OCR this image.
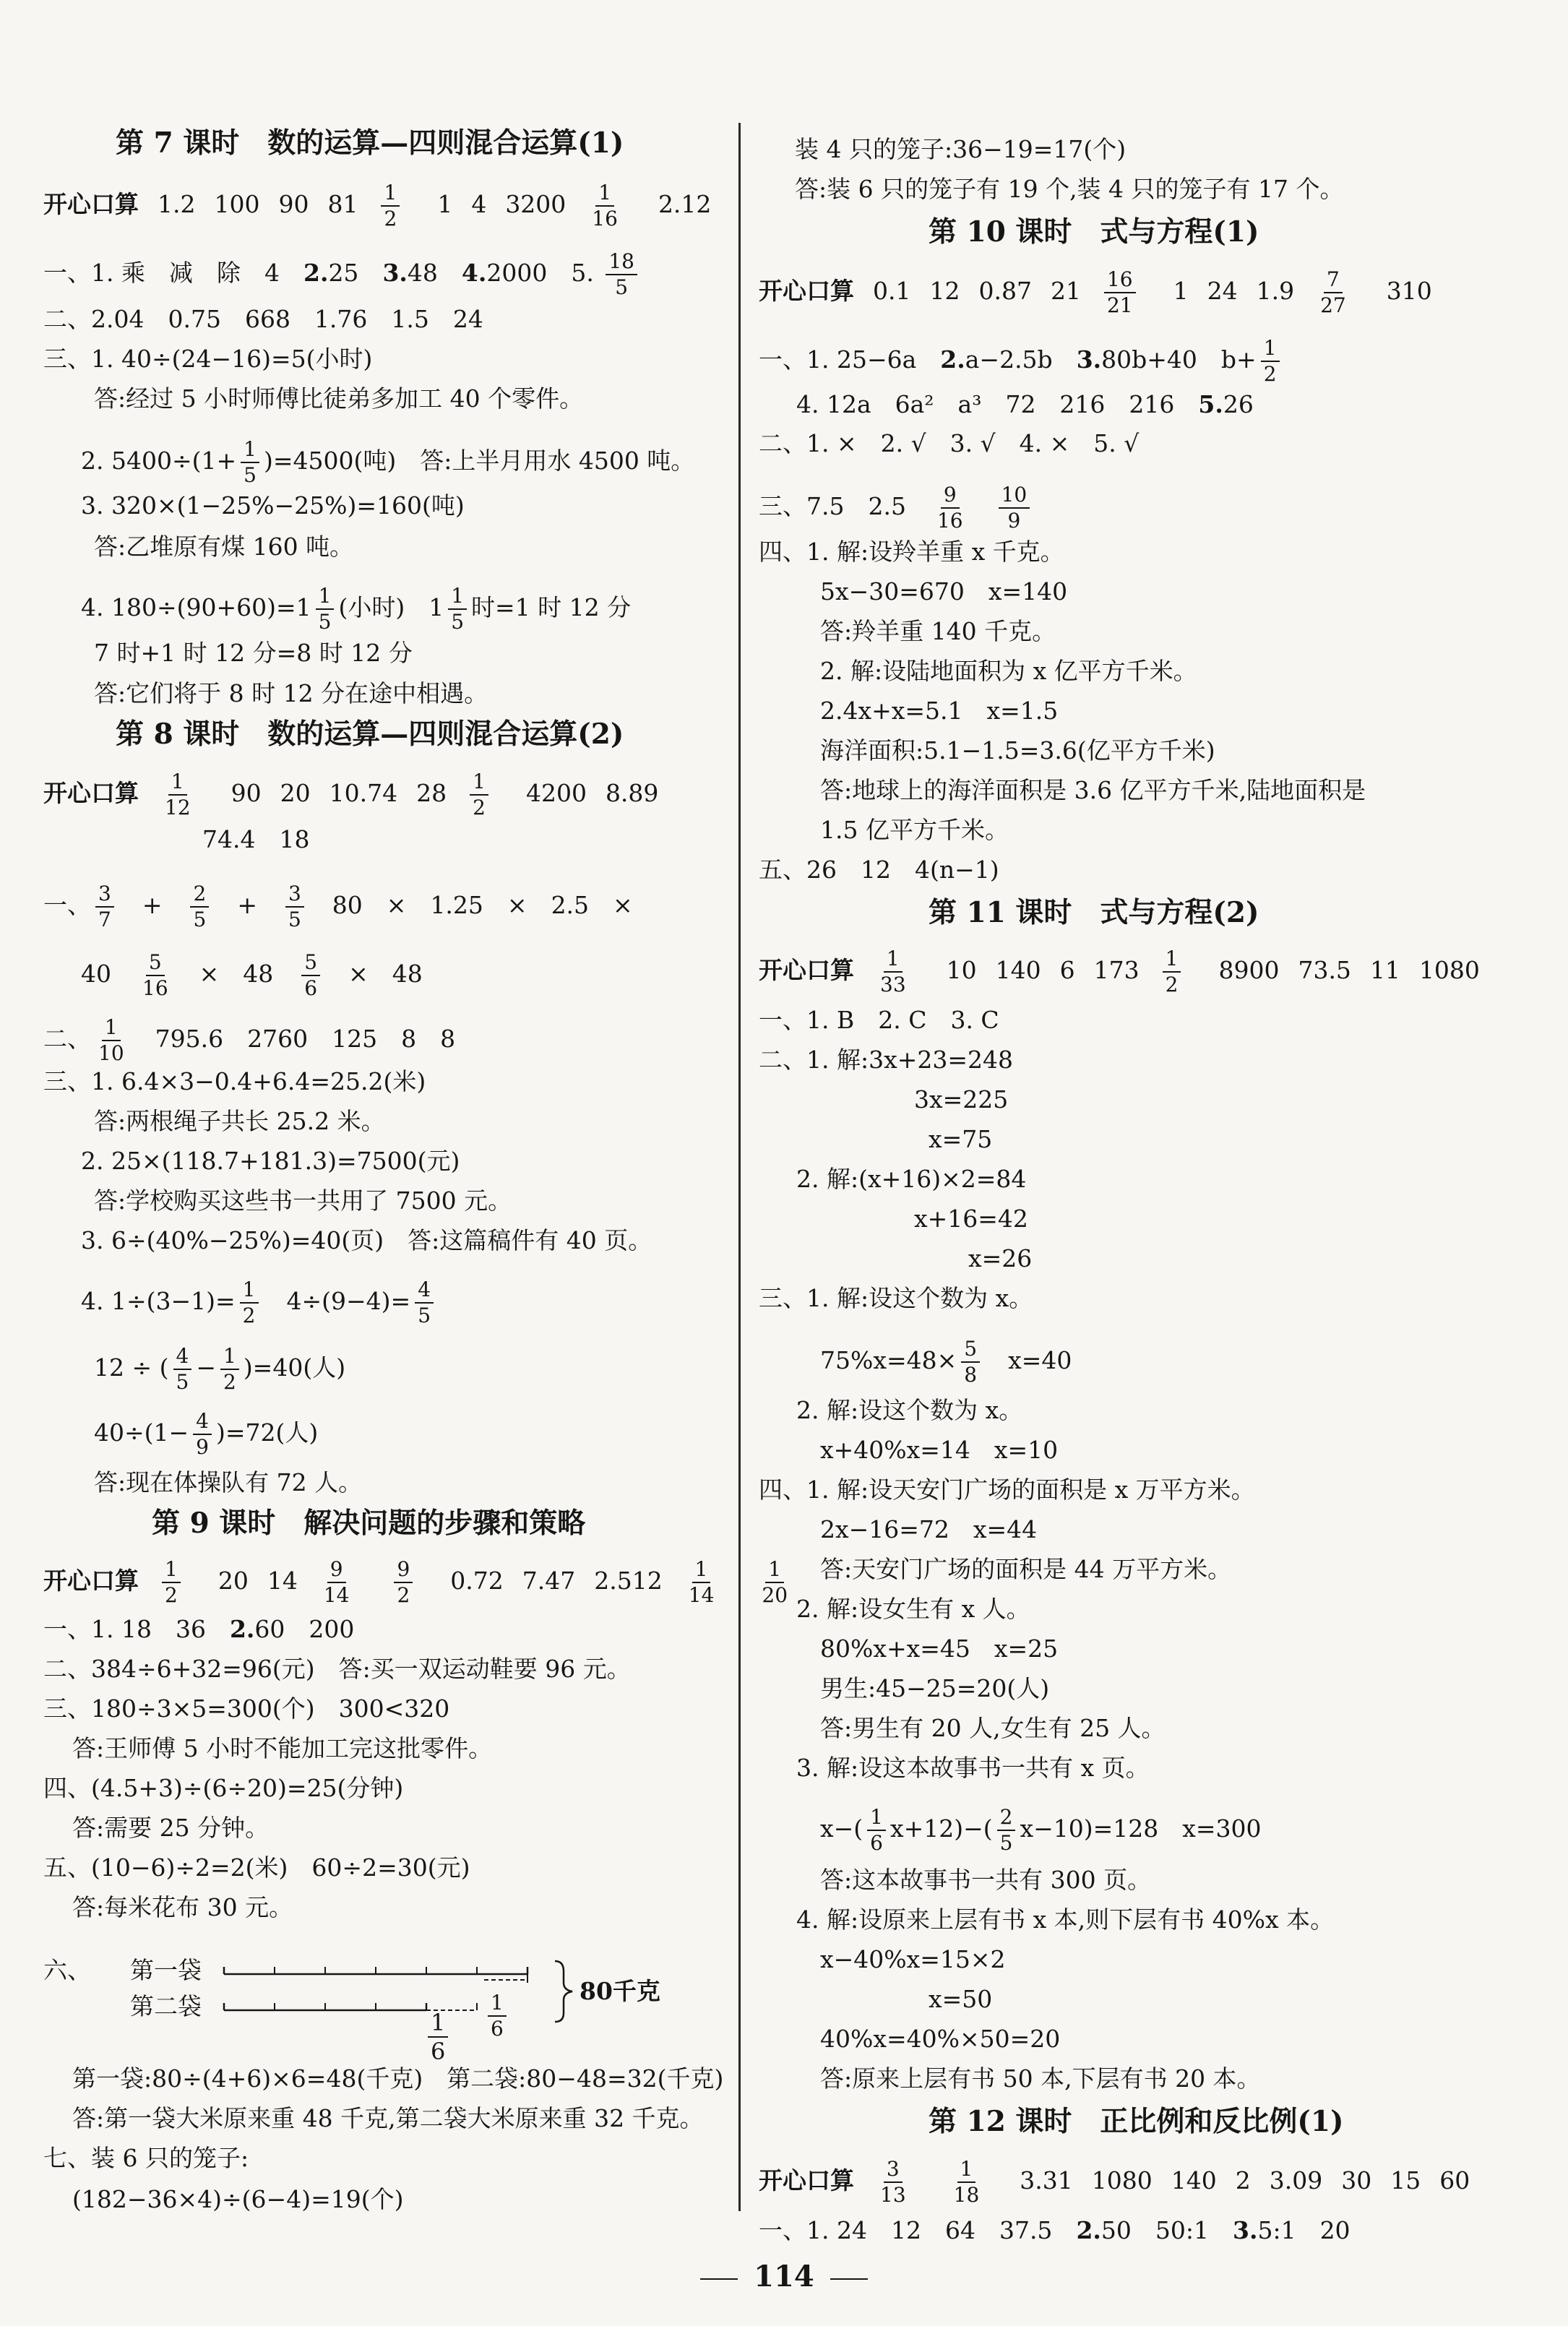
第 7 课时　数的运算—四则混合运算(1)
开心口算 1.2 100 90 $81 \frac{1}{2} 1$ 4 $3200 \frac{1}{16} 2.12$
一、1. 乘　减　除　4　2.25　3.48　4.2000　5. $\frac{18}{5}$
二、2.04　0.75　668　1.76　1.5　24
三、1. 40÷(24−16)=5(小时)
答:经过 5 小时师傅比徒弟多加工 40 个零件。
2. $5400\div(1+ \frac{1}{5} )=4500$(吨)　答:上半月用水 4500 吨。
3. 320×(1−25%−25%)=160(吨)
答:乙堆原有煤 160 吨。
4. $180\div(90+60)=1 \frac{1}{5}$ (小时)　$1 \frac{1}{5}$ 时=1 时 12 分
7 时+1 时 12 分=8 时 12 分
答:它们将于 8 时 12 分在途中相遇。
第 8 课时　数的运算—四则混合运算(2)
开心口算 $\frac{1}{12} 90$ 20 10.74 $28 \frac{1}{2} 4200$ 8.89
74.4　18
一、 $\frac{3}{7}$ 　+　 $\frac{2}{5}$ 　+　 $\frac{3}{5}$ 　80　×　1.25　×　2.5　×
40　 $\frac{5}{16}$ 　×　48　 $\frac{5}{6}$ 　×　48
二、 $\frac{1}{10}$ 　795.6　2760　125　8　8
三、1. 6.4×3−0.4+6.4=25.2(米)
答:两根绳子共长 25.2 米。
2. 25×(118.7+181.3)=7500(元)
答:学校购买这些书一共用了 7500 元。
3. 6÷(40%−25%)=40(页)　答:这篇稿件有 40 页。
4. $1\div(3-1)= \frac{1}{2}$ 　$4\div(9-4)= \frac{4}{5}$
12 ÷ ( $\frac{4}{5} - \frac{1}{2} )=40$(人)
$40\div(1- \frac{4}{9} )=72$(人)
答:现在体操队有 72 人。
第 9 课时　解决问题的步骤和策略
开心口算 $\frac{1}{2} 20$ $14 \frac{9}{14} \frac{9}{2} 0.72$ 7.47 $2.512 \frac{1}{14} \frac{1}{20}$
一、1. 18　36　2.60　200
二、384÷6+32=96(元)　答:买一双运动鞋要 96 元。
三、180÷3×5=300(个)　300<320
答:王师傅 5 小时不能加工完这批零件。
四、(4.5+3)÷(6÷20)=25(分钟)
答:需要 25 分钟。
五、(10−6)÷2=2(米)　60÷2=30(元)
答:每米花布 30 元。
六、
第一袋:80÷(4+6)×6=48(千克)　第二袋:80−48=32(千克)
答:第一袋大米原来重 48 千克,第二袋大米原来重 32 千克。
七、装 6 只的笼子:
(182−36×4)÷(6−4)=19(个)
装 4 只的笼子:36−19=17(个)
答:装 6 只的笼子有 19 个,装 4 只的笼子有 17 个。
第 10 课时　式与方程(1)
开心口算 0.1 12 0.87 $21 \frac{16}{21} 1$ 24 $1.9 \frac{7}{27} 310$
一、1. 25−6a　2.a−2.5b　3.80b+40　$b+ \frac{1}{2}$
4. 12a　6a²　a³　72　216　216　5.26
二、1. ×　2. √　3. √　4. ×　5. √
三、7.5　2.5　 $\frac{9}{16}$
　 $\frac{10}{9}$
四、1. 解:设羚羊重 x 千克。
5x−30=670　x=140
答:羚羊重 140 千克。
2. 解:设陆地面积为 x 亿平方千米。
2.4x+x=5.1　x=1.5
海洋面积:5.1−1.5=3.6(亿平方千米)
答:地球上的海洋面积是 3.6 亿平方千米,陆地面积是
1.5 亿平方千米。
五、26　12　4(n−1)
第 11 课时　式与方程(2)
开心口算 $\frac{1}{33} 10$ 140 6 $173 \frac{1}{2} 8900$ 73.5 11 1080
一、1. B　2. C　3. C
二、1. 解:3x+23=248
3x=225
x=75
2. 解:(x+16)×2=84
x+16=42
x=26
三、1. 解:设这个数为 x。
$75\%x=48\times \frac{5}{8}$ 　x=40
2. 解:设这个数为 x。
x+40%x=14　x=10
四、1. 解:设天安门广场的面积是 x 万平方米。
2x−16=72　x=44
答:天安门广场的面积是 44 万平方米。
2. 解:设女生有 x 人。
80%x+x=45　x=25
男生:45−25=20(人)
答:男生有 20 人,女生有 25 人。
3. 解:设这本故事书一共有 x 页。
$x-( \frac{1}{6} x+12)-( \frac{2}{5} x-10)=128$　x=300
答:这本故事书一共有 300 页。
4. 解:设原来上层有书 x 本,则下层有书 40%x 本。
x−40%x=15×2
x=50
40%x=40%×50=20
答:原来上层有书 50 本,下层有书 20 本。
第 12 课时　正比例和反比例(1)
开心口算 $\frac{3}{13} \frac{1}{18} 3.31$ 1080 140 2 3.09 30 15 60
一、1. 24　12　64　37.5　2.50　50:1　3.5:1　20
第一袋
第二袋
80千克
$\frac{1}{6}$
$\frac{1}{6}$
114
